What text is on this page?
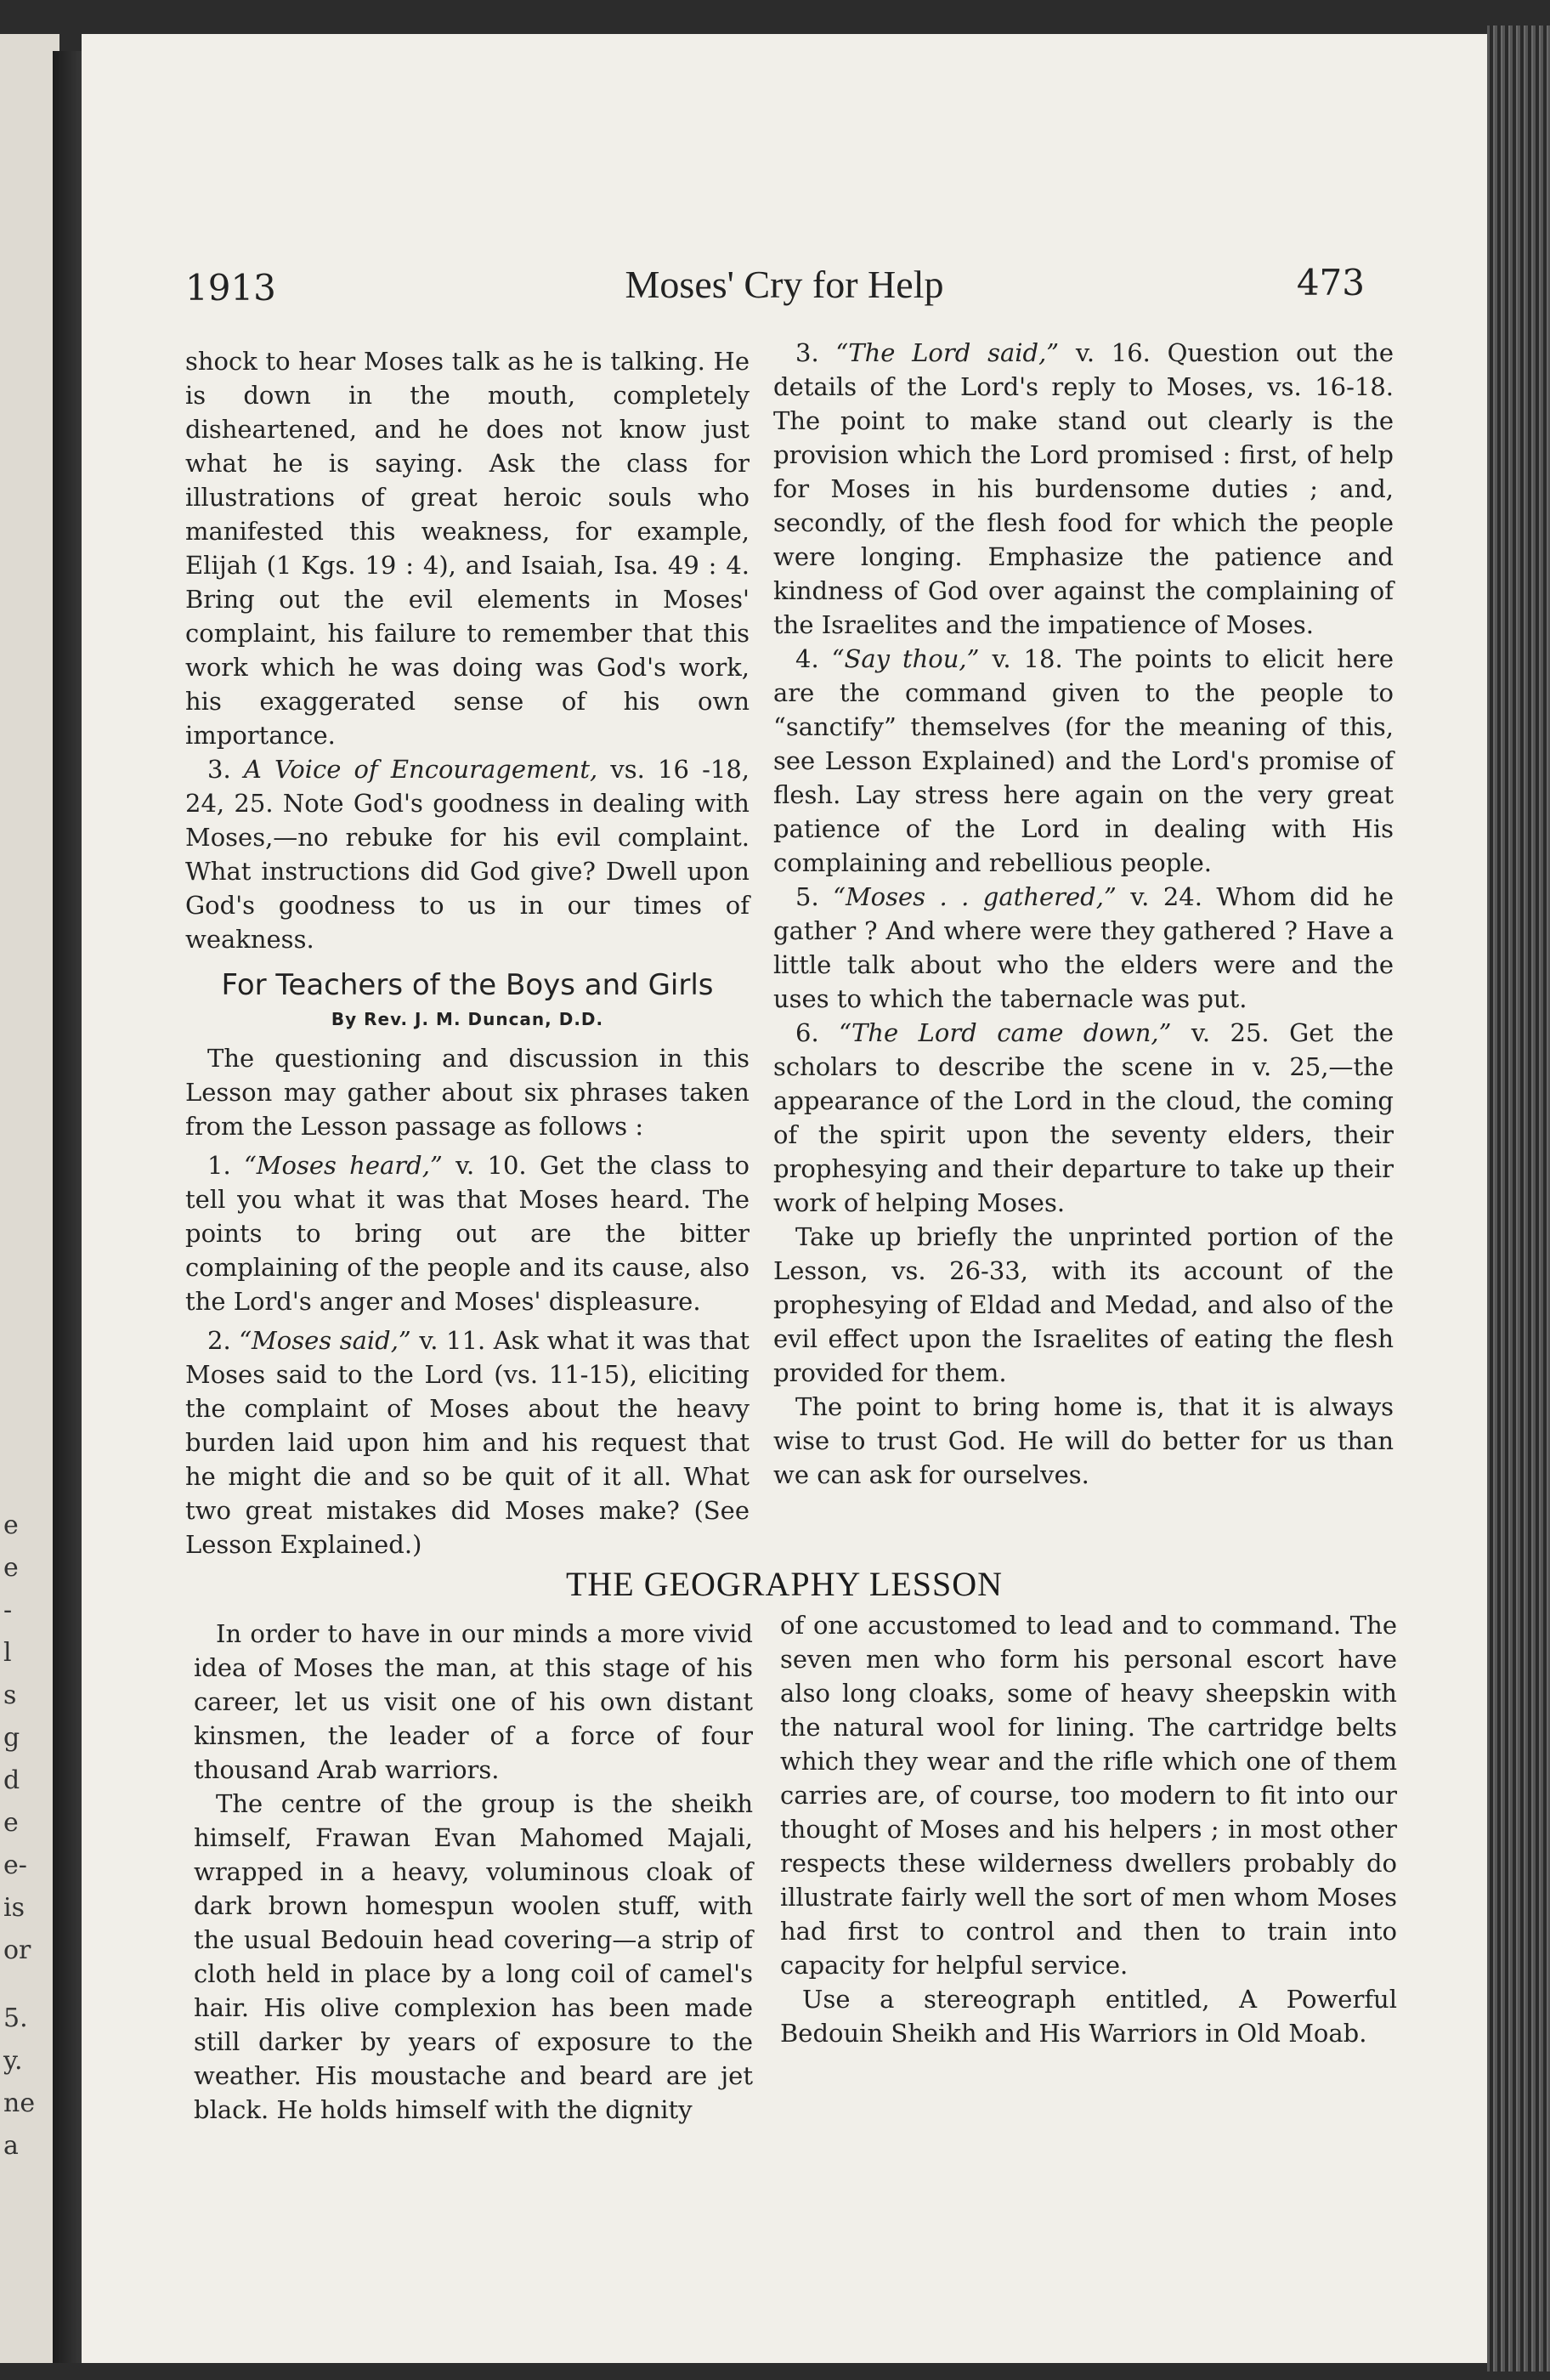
e
e
-
l
s
g
d
e
e-
is
or
5.
y.
ne
a
Moses' Cry for Help
1913	473

shock to hear Moses talk as he is talking. He is down in the mouth, completely disheartened, and he does not know just what he is saying. Ask the class for illustrations of great heroic souls who manifested this weakness, for example, Elijah (1 Kgs. 19 : 4), and Isaiah, Isa. 49 : 4. Bring out the evil elements in Moses' complaint, his failure to remember that this work which he was doing was God's work, his exaggerated sense of his own importance.

3. A Voice of Encouragement, vs. 16 -18, 24, 25. Note God's goodness in dealing with Moses,—no rebuke for his evil complaint. What instructions did God give? Dwell upon God's goodness to us in our times of weakness.

For Teachers of the Boys and Girls
By Rev. J. M. Duncan, D.D.

The questioning and discussion in this Lesson may gather about six phrases taken from the Lesson passage as follows :

1. “Moses heard,” v. 10. Get the class to tell you what it was that Moses heard. The points to bring out are the bitter complaining of the people and its cause, also the Lord's anger and Moses' displeasure.

2. “Moses said,” v. 11. Ask what it was that Moses said to the Lord (vs. 11-15), eliciting the complaint of Moses about the heavy burden laid upon him and his request that he might die and so be quit of it all. What two great mistakes did Moses make? (See Lesson Explained.)

3. “The Lord said,” v. 16. Question out the details of the Lord's reply to Moses, vs. 16-18. The point to make stand out clearly is the provision which the Lord promised : first, of help for Moses in his burdensome duties ; and, secondly, of the flesh food for which the people were longing. Emphasize the patience and kindness of God over against the complaining of the Israelites and the impatience of Moses.

4. “Say thou,” v. 18. The points to elicit here are the command given to the people to “sanctify” themselves (for the meaning of this, see Lesson Explained) and the Lord's promise of flesh. Lay stress here again on the very great patience of the Lord in dealing with His complaining and rebellious people.

5. “Moses . . gathered,” v. 24. Whom did he gather ? And where were they gathered ? Have a little talk about who the elders were and the uses to which the tabernacle was put.

6. “The Lord came down,” v. 25. Get the scholars to describe the scene in v. 25,—the appearance of the Lord in the cloud, the coming of the spirit upon the seventy elders, their prophesying and their departure to take up their work of helping Moses.

Take up briefly the unprinted portion of the Lesson, vs. 26-33, with its account of the prophesying of Eldad and Medad, and also of the evil effect upon the Israelites of eating the flesh provided for them.

The point to bring home is, that it is always wise to trust God. He will do better for us than we can ask for ourselves.

THE GEOGRAPHY LESSON

In order to have in our minds a more vivid idea of Moses the man, at this stage of his career, let us visit one of his own distant kinsmen, the leader of a force of four thousand Arab warriors.

The centre of the group is the sheikh himself, Frawan Evan Mahomed Majali, wrapped in a heavy, voluminous cloak of dark brown homespun woolen stuff, with the usual Bedouin head covering—a strip of cloth held in place by a long coil of camel's hair. His olive complexion has been made still darker by years of exposure to the weather. His moustache and beard are jet black. He holds himself with the dignity

of one accustomed to lead and to command. The seven men who form his personal escort have also long cloaks, some of heavy sheepskin with the natural wool for lining. The cartridge belts which they wear and the rifle which one of them carries are, of course, too modern to fit into our thought of Moses and his helpers ; in most other respects these wilderness dwellers probably do illustrate fairly well the sort of men whom Moses had first to control and then to train into capacity for helpful service.

Use a stereograph entitled, A Powerful Bedouin Sheikh and His Warriors in Old Moab.
